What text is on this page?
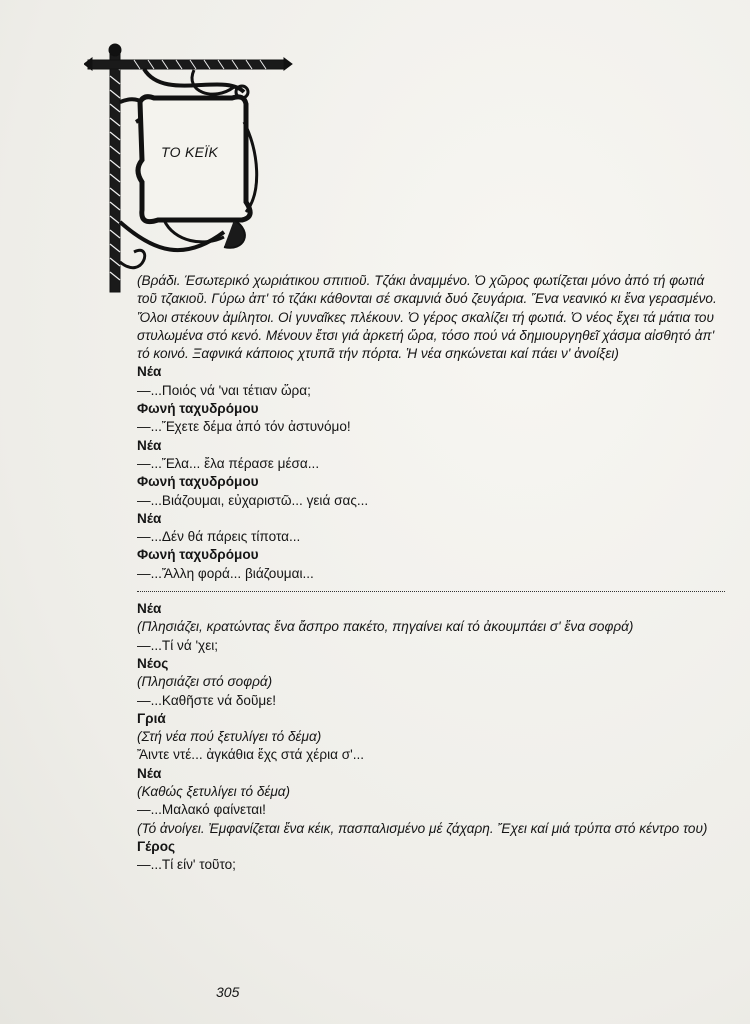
ΤΟ ΚΕΪΚ
(Βράδι. Έσωτερικό χωριάτικου σπιτιοῦ. Τζάκι ἀναμμένο. Ὁ χῶρος φωτίζεται μόνο ἀπό τή φωτιά τοῦ τζακιοῦ. Γύρω ἀπ' τό τζάκι κάθονται σέ σκαμνιά δυό ζευγάρια. Ἕνα νεανικό κι ἕνα γερασμένο. Ὅλοι στέκουν ἀμίλητοι. Οἱ γυναῖκες πλέκουν. Ὁ γέρος σκαλίζει τή φωτιά. Ὁ νέος ἔχει τά μάτια του στυλωμένα στό κενό. Μένουν ἔτσι γιά ἀρκετή ὥρα, τόσο πού νά δημιουργηθεῖ χάσμα αἰσθητό ἀπ' τό κοινό. Ξαφνικά κάποιος χτυπᾶ τήν πόρτα. Ἡ νέα σηκώνεται καί πάει ν' ἀνοίξει)
Νέα
—...Ποιός νά 'ναι τέτιαν ὥρα;
Φωνή ταχυδρόμου
—...Ἔχετε δέμα ἀπό τόν ἀστυνόμο!
Νέα
—...Ἔλα... ἔλα πέρασε μέσα...
Φωνή ταχυδρόμου
—...Βιάζουμαι, εὐχαριστῶ... γειά σας...
Νέα
—...Δέν θά πάρεις τίποτα...
Φωνή ταχυδρόμου
—...Ἄλλη φορά... βιάζουμαι...
Νέα
(Πλησιάζει, κρατώντας ἕνα ἄσπρο πακέτο, πηγαίνει καί τό ἀκουμπάει σ' ἕνα σοφρά)
—...Τί νά 'χει;
Νέος
(Πλησιάζει στό σοφρά)
—...Καθῆστε νά δοῦμε!
Γριά
(Στή νέα πού ξετυλίγει τό δέμα)
Ἄιντε ντέ... ἀγκάθια ἔχς στά χέρια σ'...
Νέα
(Καθώς ξετυλίγει τό δέμα)
—...Μαλακό φαίνεται!
(Τό ἀνοίγει. Ἐμφανίζεται ἕνα κέικ, πασπαλισμένο μέ ζάχαρη. Ἔχει καί μιά τρύπα στό κέντρο του)
Γέρος
—...Τί είν' τοῦτο;
305
